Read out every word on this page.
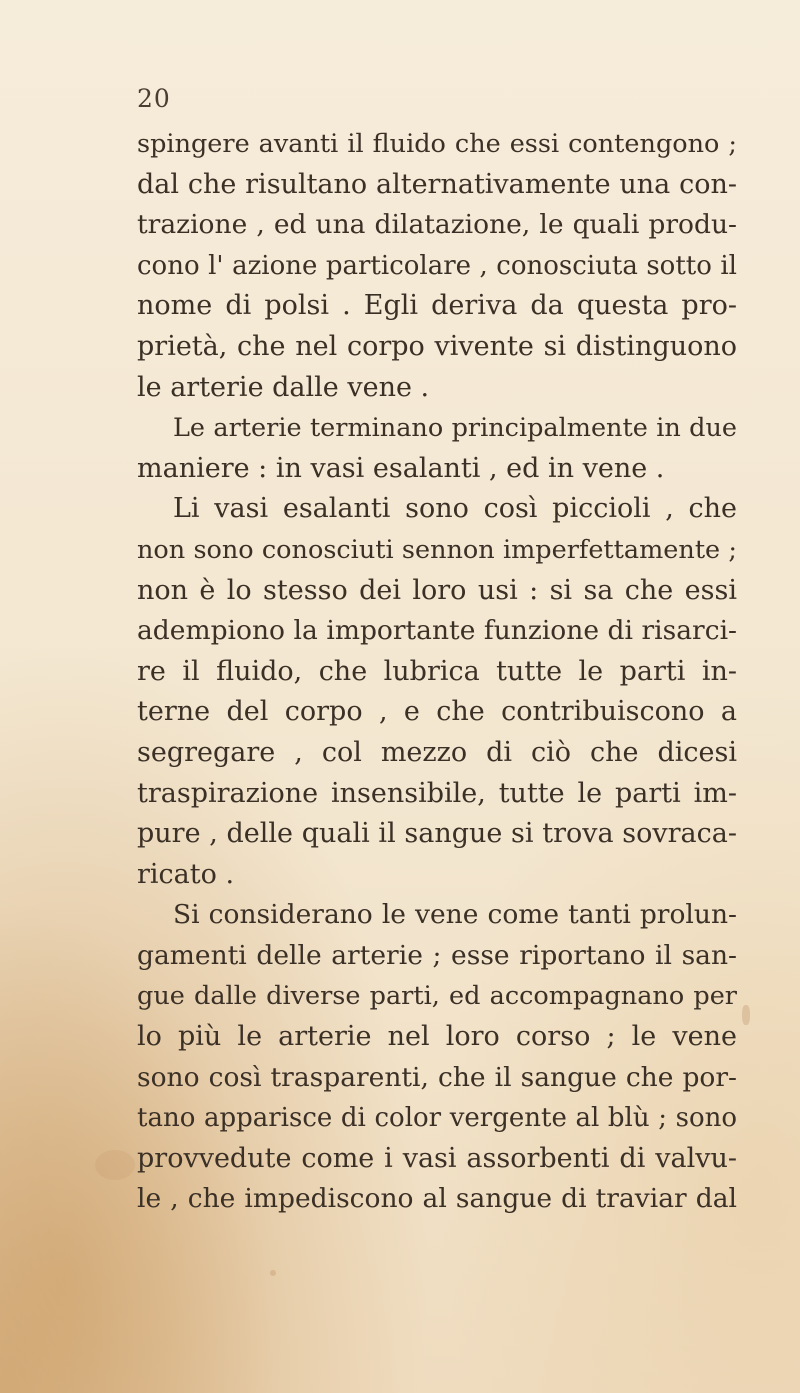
20
spingere avanti il fluido che essi contengono ;
dal che risultano alternativamente una con-
trazione , ed una dilatazione, le quali produ-
cono l' azione particolare , conosciuta sotto il
nome di polsi . Egli deriva da questa pro-
prietà, che nel corpo vivente si distinguono
le arterie dalle vene .
Le arterie terminano principalmente in due
maniere : in vasi esalanti , ed in vene .
Li vasi esalanti sono così piccioli , che
non sono conosciuti sennon imperfettamente ;
non è lo stesso dei loro usi : si sa che essi
adempiono la importante funzione di risarci-
re il fluido, che lubrica tutte le parti in-
terne del corpo , e che contribuiscono a
segregare , col mezzo di ciò che dicesi
traspirazione insensibile, tutte le parti im-
pure , delle quali il sangue si trova sovraca-
ricato .
Si considerano le vene come tanti prolun-
gamenti delle arterie ; esse riportano il san-
gue dalle diverse parti, ed accompagnano per
lo più le arterie nel loro corso ; le vene
sono così trasparenti, che il sangue che por-
tano apparisce di color vergente al blù ; sono
provvedute come i vasi assorbenti di valvu-
le , che impediscono al sangue di traviar dal
